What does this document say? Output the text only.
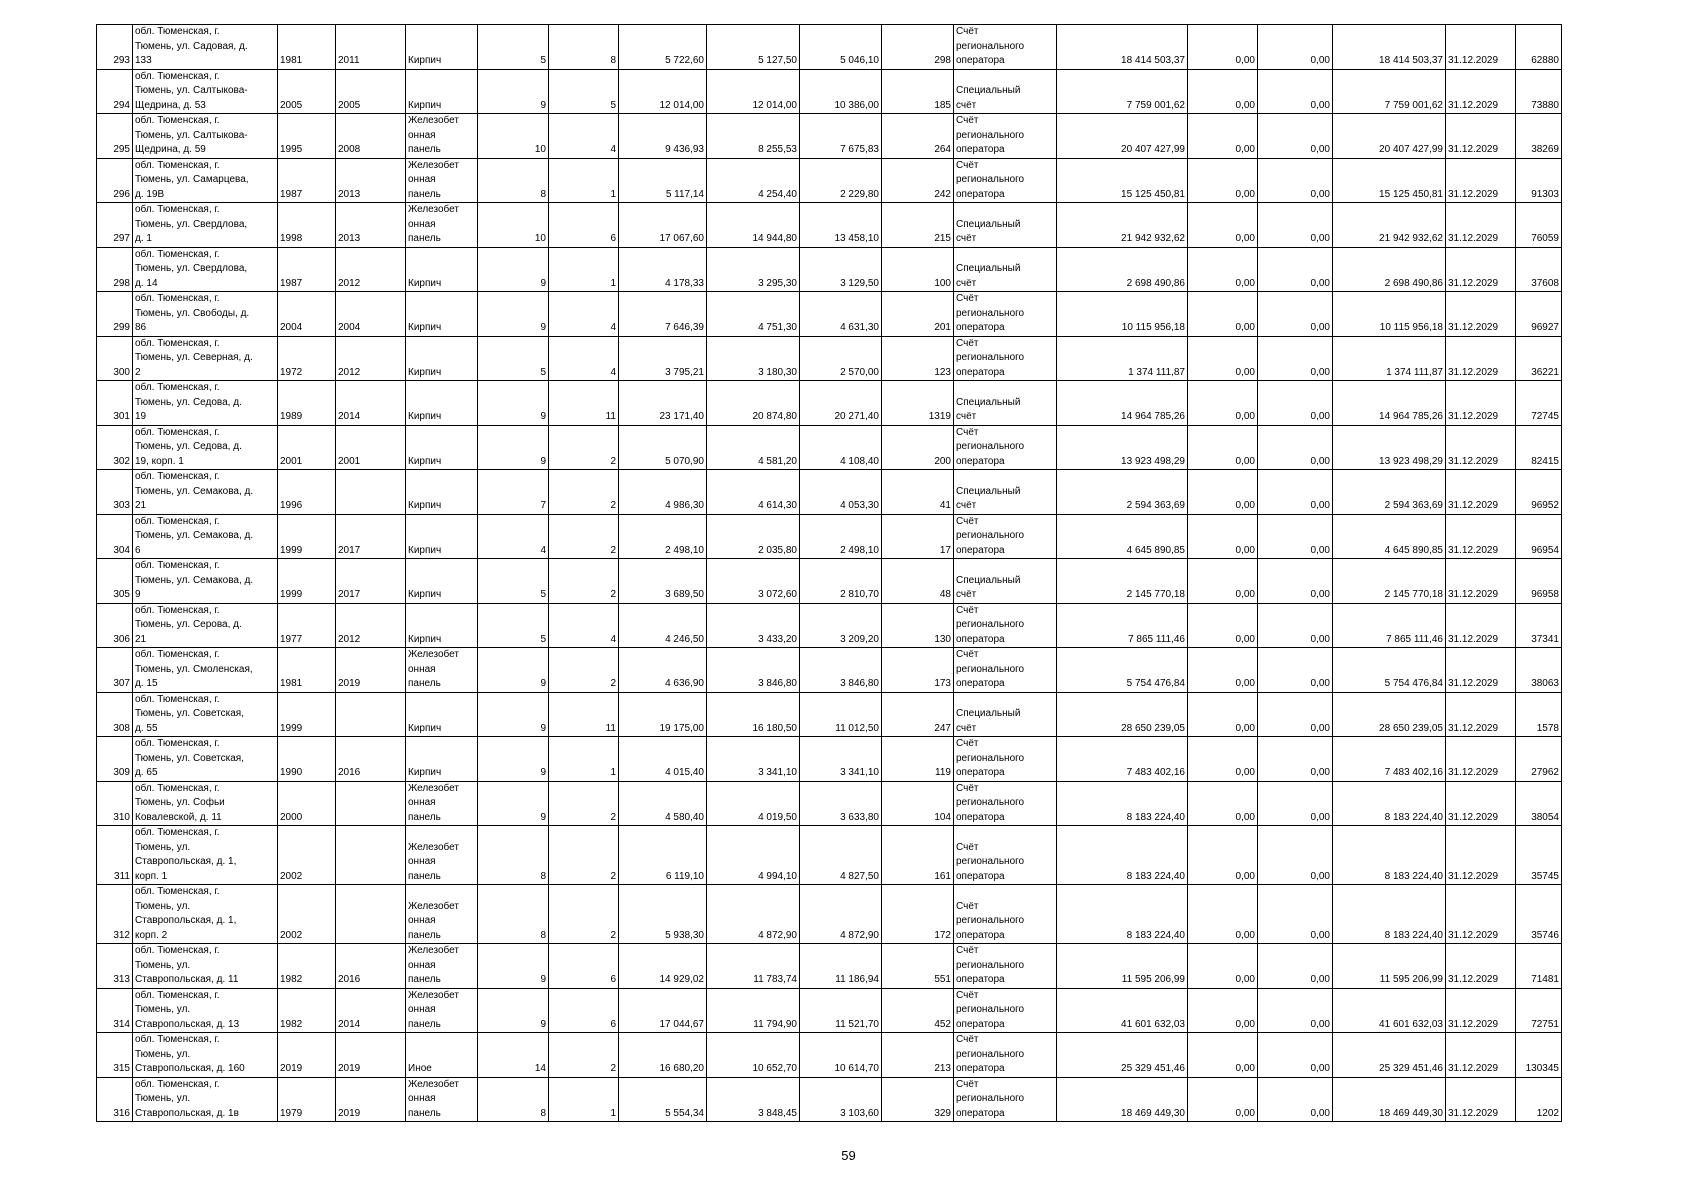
293	обл. Тюменская, г.
Тюмень, ул. Садовая, д.
133	1981	2011	Кирпич	5	8	5 722,60	5 127,50	5 046,10	298	Счёт
регионального
оператора	18 414 503,37	0,00	0,00	18 414 503,37	31.12.2029	62880
294	обл. Тюменская, г.
Тюмень, ул. Салтыкова-
Щедрина, д. 53	2005	2005	Кирпич	9	5	12 014,00	12 014,00	10 386,00	185	Специальный
счёт	7 759 001,62	0,00	0,00	7 759 001,62	31.12.2029	73880
295	обл. Тюменская, г.
Тюмень, ул. Салтыкова-
Щедрина, д. 59	1995	2008	Железобет
онная
панель	10	4	9 436,93	8 255,53	7 675,83	264	Счёт
регионального
оператора	20 407 427,99	0,00	0,00	20 407 427,99	31.12.2029	38269
296	обл. Тюменская, г.
Тюмень, ул. Самарцева,
д. 19В	1987	2013	Железобет
онная
панель	8	1	5 117,14	4 254,40	2 229,80	242	Счёт
регионального
оператора	15 125 450,81	0,00	0,00	15 125 450,81	31.12.2029	91303
297	обл. Тюменская, г.
Тюмень, ул. Свердлова,
д. 1	1998	2013	Железобет
онная
панель	10	6	17 067,60	14 944,80	13 458,10	215	Специальный
счёт	21 942 932,62	0,00	0,00	21 942 932,62	31.12.2029	76059
298	обл. Тюменская, г.
Тюмень, ул. Свердлова,
д. 14	1987	2012	Кирпич	9	1	4 178,33	3 295,30	3 129,50	100	Специальный
счёт	2 698 490,86	0,00	0,00	2 698 490,86	31.12.2029	37608
299	обл. Тюменская, г.
Тюмень, ул. Свободы, д.
86	2004	2004	Кирпич	9	4	7 646,39	4 751,30	4 631,30	201	Счёт
регионального
оператора	10 115 956,18	0,00	0,00	10 115 956,18	31.12.2029	96927
300	обл. Тюменская, г.
Тюмень, ул. Северная, д.
2	1972	2012	Кирпич	5	4	3 795,21	3 180,30	2 570,00	123	Счёт
регионального
оператора	1 374 111,87	0,00	0,00	1 374 111,87	31.12.2029	36221
301	обл. Тюменская, г.
Тюмень, ул. Седова, д.
19	1989	2014	Кирпич	9	11	23 171,40	20 874,80	20 271,40	1319	Специальный
счёт	14 964 785,26	0,00	0,00	14 964 785,26	31.12.2029	72745
302	обл. Тюменская, г.
Тюмень, ул. Седова, д.
19, корп. 1	2001	2001	Кирпич	9	2	5 070,90	4 581,20	4 108,40	200	Счёт
регионального
оператора	13 923 498,29	0,00	0,00	13 923 498,29	31.12.2029	82415
303	обл. Тюменская, г.
Тюмень, ул. Семакова, д.
21	1996		Кирпич	7	2	4 986,30	4 614,30	4 053,30	41	Специальный
счёт	2 594 363,69	0,00	0,00	2 594 363,69	31.12.2029	96952
304	обл. Тюменская, г.
Тюмень, ул. Семакова, д.
6	1999	2017	Кирпич	4	2	2 498,10	2 035,80	2 498,10	17	Счёт
регионального
оператора	4 645 890,85	0,00	0,00	4 645 890,85	31.12.2029	96954
305	обл. Тюменская, г.
Тюмень, ул. Семакова, д.
9	1999	2017	Кирпич	5	2	3 689,50	3 072,60	2 810,70	48	Специальный
счёт	2 145 770,18	0,00	0,00	2 145 770,18	31.12.2029	96958
306	обл. Тюменская, г.
Тюмень, ул. Серова, д.
21	1977	2012	Кирпич	5	4	4 246,50	3 433,20	3 209,20	130	Счёт
регионального
оператора	7 865 111,46	0,00	0,00	7 865 111,46	31.12.2029	37341
307	обл. Тюменская, г.
Тюмень, ул. Смоленская,
д. 15	1981	2019	Железобет
онная
панель	9	2	4 636,90	3 846,80	3 846,80	173	Счёт
регионального
оператора	5 754 476,84	0,00	0,00	5 754 476,84	31.12.2029	38063
308	обл. Тюменская, г.
Тюмень, ул. Советская,
д. 55	1999		Кирпич	9	11	19 175,00	16 180,50	11 012,50	247	Специальный
счёт	28 650 239,05	0,00	0,00	28 650 239,05	31.12.2029	1578
309	обл. Тюменская, г.
Тюмень, ул. Советская,
д. 65	1990	2016	Кирпич	9	1	4 015,40	3 341,10	3 341,10	119	Счёт
регионального
оператора	7 483 402,16	0,00	0,00	7 483 402,16	31.12.2029	27962
310	обл. Тюменская, г.
Тюмень, ул. Софьи
Ковалевской, д. 11	2000		Железобет
онная
панель	9	2	4 580,40	4 019,50	3 633,80	104	Счёт
регионального
оператора	8 183 224,40	0,00	0,00	8 183 224,40	31.12.2029	38054
311	обл. Тюменская, г.
Тюмень, ул.
Ставропольская, д. 1,
корп. 1	2002		Железобет
онная
панель	8	2	6 119,10	4 994,10	4 827,50	161	Счёт
регионального
оператора	8 183 224,40	0,00	0,00	8 183 224,40	31.12.2029	35745
312	обл. Тюменская, г.
Тюмень, ул.
Ставропольская, д. 1,
корп. 2	2002		Железобет
онная
панель	8	2	5 938,30	4 872,90	4 872,90	172	Счёт
регионального
оператора	8 183 224,40	0,00	0,00	8 183 224,40	31.12.2029	35746
313	обл. Тюменская, г.
Тюмень, ул.
Ставропольская, д. 11	1982	2016	Железобет
онная
панель	9	6	14 929,02	11 783,74	11 186,94	551	Счёт
регионального
оператора	11 595 206,99	0,00	0,00	11 595 206,99	31.12.2029	71481
314	обл. Тюменская, г.
Тюмень, ул.
Ставропольская, д. 13	1982	2014	Железобет
онная
панель	9	6	17 044,67	11 794,90	11 521,70	452	Счёт
регионального
оператора	41 601 632,03	0,00	0,00	41 601 632,03	31.12.2029	72751
315	обл. Тюменская, г.
Тюмень, ул.
Ставропольская, д. 160	2019	2019	Иное	14	2	16 680,20	10 652,70	10 614,70	213	Счёт
регионального
оператора	25 329 451,46	0,00	0,00	25 329 451,46	31.12.2029	130345
316	обл. Тюменская, г.
Тюмень, ул.
Ставропольская, д. 1в	1979	2019	Железобет
онная
панель	8	1	5 554,34	3 848,45	3 103,60	329	Счёт
регионального
оператора	18 469 449,30	0,00	0,00	18 469 449,30	31.12.2029	1202
59
